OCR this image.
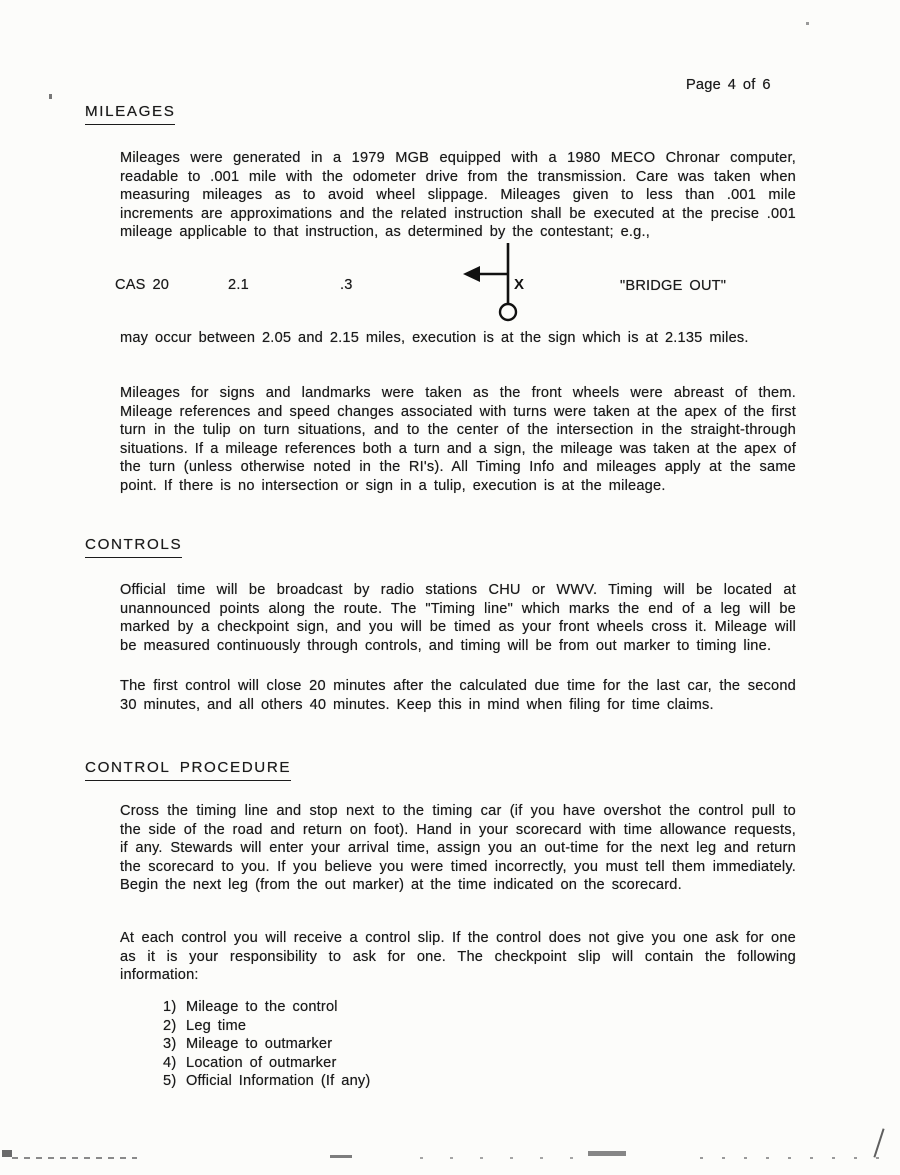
Page 4 of 6
MILEAGES
Mileages were generated in a 1979 MGB equipped with a 1980 MECO Chronar computer, readable to .001 mile with the odometer drive from the transmission. Care was taken when measuring mileages as to avoid wheel slippage. Mileages given to less than .001 mile increments are approximations and the related instruction shall be executed at the precise .001 mileage applicable to that instruction, as determined by the contestant; e.g.,
CAS 20	2.1	.3	X	"BRIDGE OUT"
may occur between 2.05 and 2.15 miles, execution is at the sign which is at 2.135 miles.
Mileages for signs and landmarks were taken as the front wheels were abreast of them. Mileage references and speed changes associated with turns were taken at the apex of the first turn in the tulip on turn situations, and to the center of the intersection in the straight-through situations. If a mileage references both a turn and a sign, the mileage was taken at the apex of the turn (unless otherwise noted in the RI's). All Timing Info and mileages apply at the same point. If there is no intersection or sign in a tulip, execution is at the mileage.
CONTROLS
Official time will be broadcast by radio stations CHU or WWV. Timing will be located at unannounced points along the route. The "Timing line" which marks the end of a leg will be marked by a checkpoint sign, and you will be timed as your front wheels cross it. Mileage will be measured continuously through controls, and timing will be from out marker to timing line.
The first control will close 20 minutes after the calculated due time for the last car, the second 30 minutes, and all others 40 minutes. Keep this in mind when filing for time claims.
CONTROL PROCEDURE
Cross the timing line and stop next to the timing car (if you have overshot the control pull to the side of the road and return on foot). Hand in your scorecard with time allowance requests, if any. Stewards will enter your arrival time, assign you an out-time for the next leg and return the scorecard to you. If you believe you were timed incorrectly, you must tell them immediately. Begin the next leg (from the out marker) at the time indicated on the scorecard.
At each control you will receive a control slip. If the control does not give you one ask for one as it is your responsibility to ask for one. The checkpoint slip will contain the following information:
1) Mileage to the control
2) Leg time
3) Mileage to outmarker
4) Location of outmarker
5) Official Information (If any)
